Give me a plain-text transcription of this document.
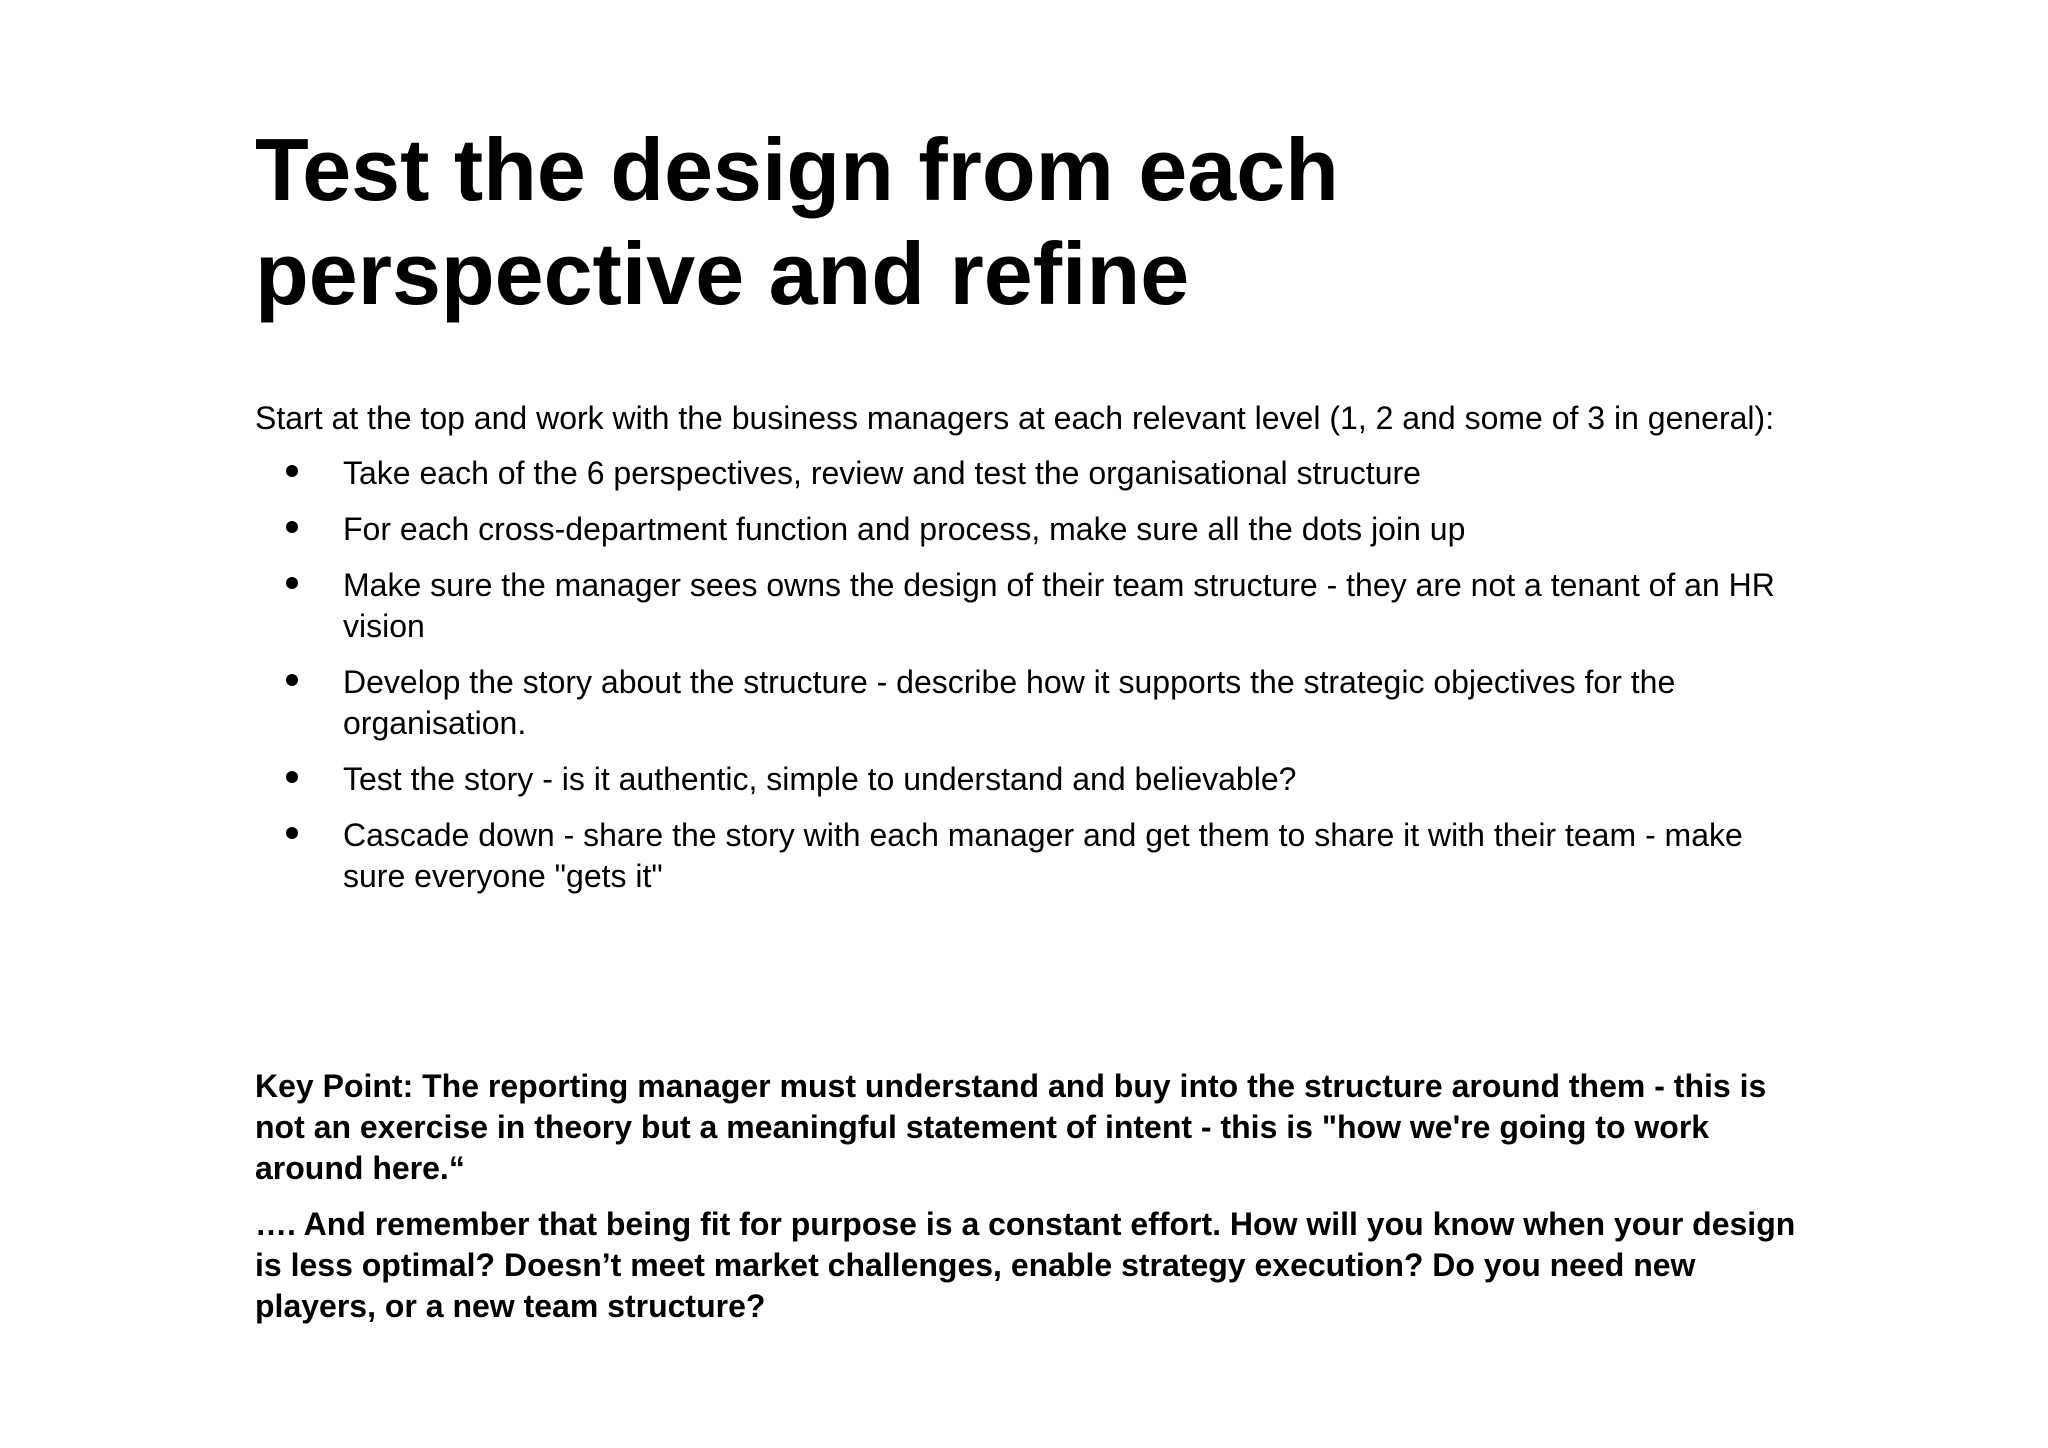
Test the design from each
perspective and refine

Start at the top and work with the business managers at each relevant level (1, 2 and some of 3 in general):

Take each of the 6 perspectives, review and test the organisational structure
For each cross-department function and process, make sure all the dots join up
Make sure the manager sees owns the design of their team structure - they are not a tenant of an HR vision
Develop the story about the structure - describe how it supports the strategic objectives for the organisation.
Test the story - is it authentic, simple to understand and believable?
Cascade down - share the story with each manager and get them to share it with their team - make sure everyone "gets it"

Key Point: The reporting manager must understand and buy into the structure around them - this is not an exercise in theory but a meaningful statement of intent - this is "how we're going to work around here.“

…. And remember that being fit for purpose is a constant effort. How will you know when your design is less optimal? Doesn’t meet market challenges, enable strategy execution? Do you need new players, or a new team structure?
